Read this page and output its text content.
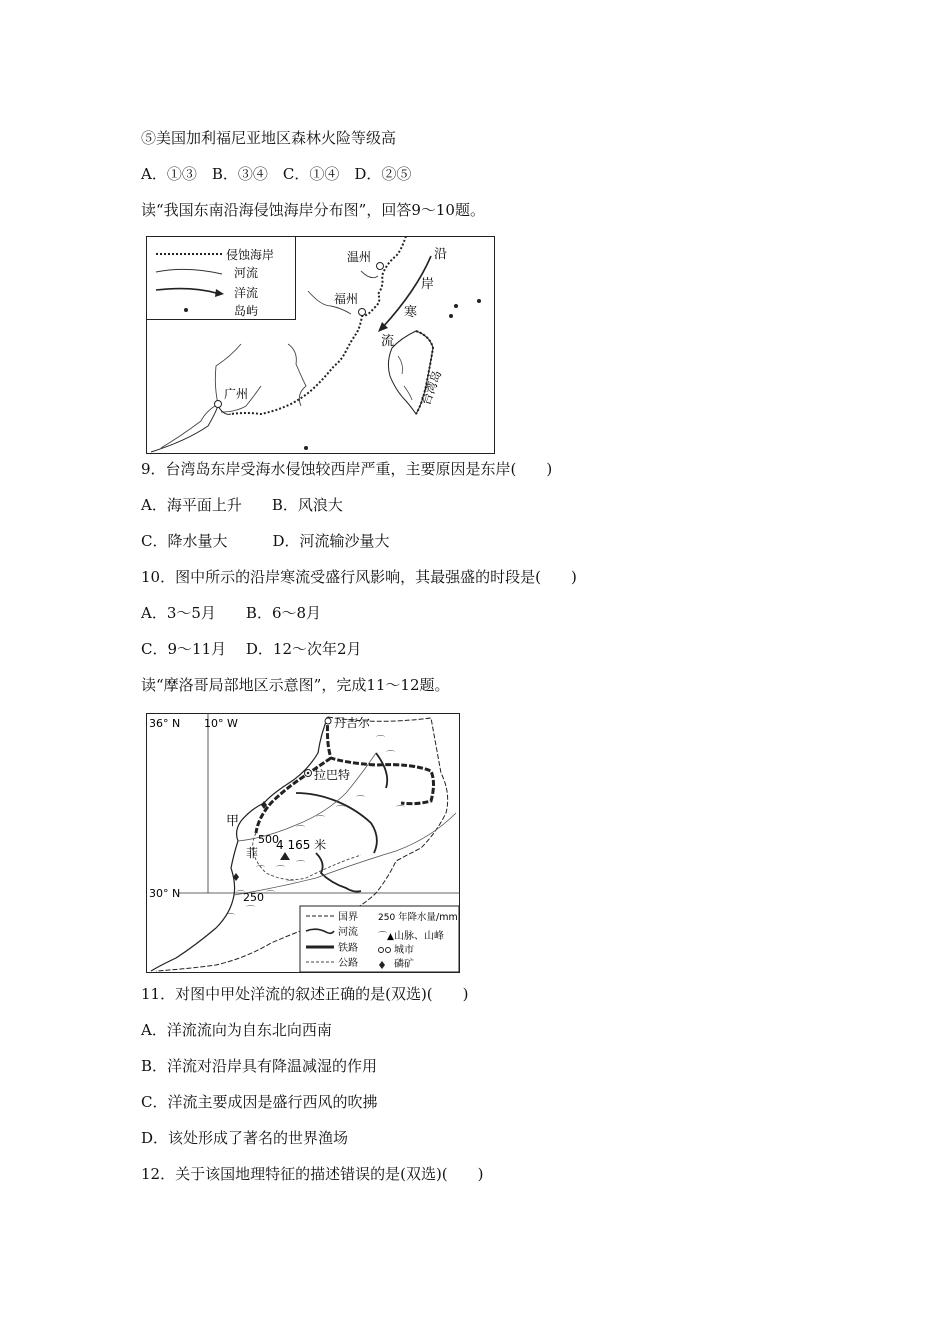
⑤美国加利福尼亚地区森林火险等级高
A．①③　B．③④　C．①④　D．②⑤
读“我国东南沿海侵蚀海岸分布图”，回答9～10题。
侵蚀海岸
河流
洋流
岛屿
温州
福州
广州
沿
岸
寒
流
台湾岛
9．台湾岛东岸受海水侵蚀较西岸严重，主要原因是东岸(　　)
A．海平面上升　　B．风浪大
C．降水量大　　　D．河流输沙量大
10．图中所示的沿岸寒流受盛行风影响，其最强盛的时段是(　　)
A．3～5月　　B．6～8月
C．9～11月　 D．12～次年2月
读“摩洛哥局部地区示意图”，完成11～12题。
36° N 10° W
30° N
丹吉尔
拉巴特
甲
菲
500
4 165 米
250
⌒
⌒
⌒
⌒
⌒
⌒
⌒
⌒ ⌒ ⌒
⌒
⌒ ⌒
⌒
⌒	国界
河流
铁路
公路
250 年降水量/mm
山脉、山峰
城市
磷矿
⌒▲
11．对图中甲处洋流的叙述正确的是(双选)(　　)
A．洋流流向为自东北向西南
B．洋流对沿岸具有降温减湿的作用
C．洋流主要成因是盛行西风的吹拂
D．该处形成了著名的世界渔场
12．关于该国地理特征的描述错误的是(双选)(　　)
